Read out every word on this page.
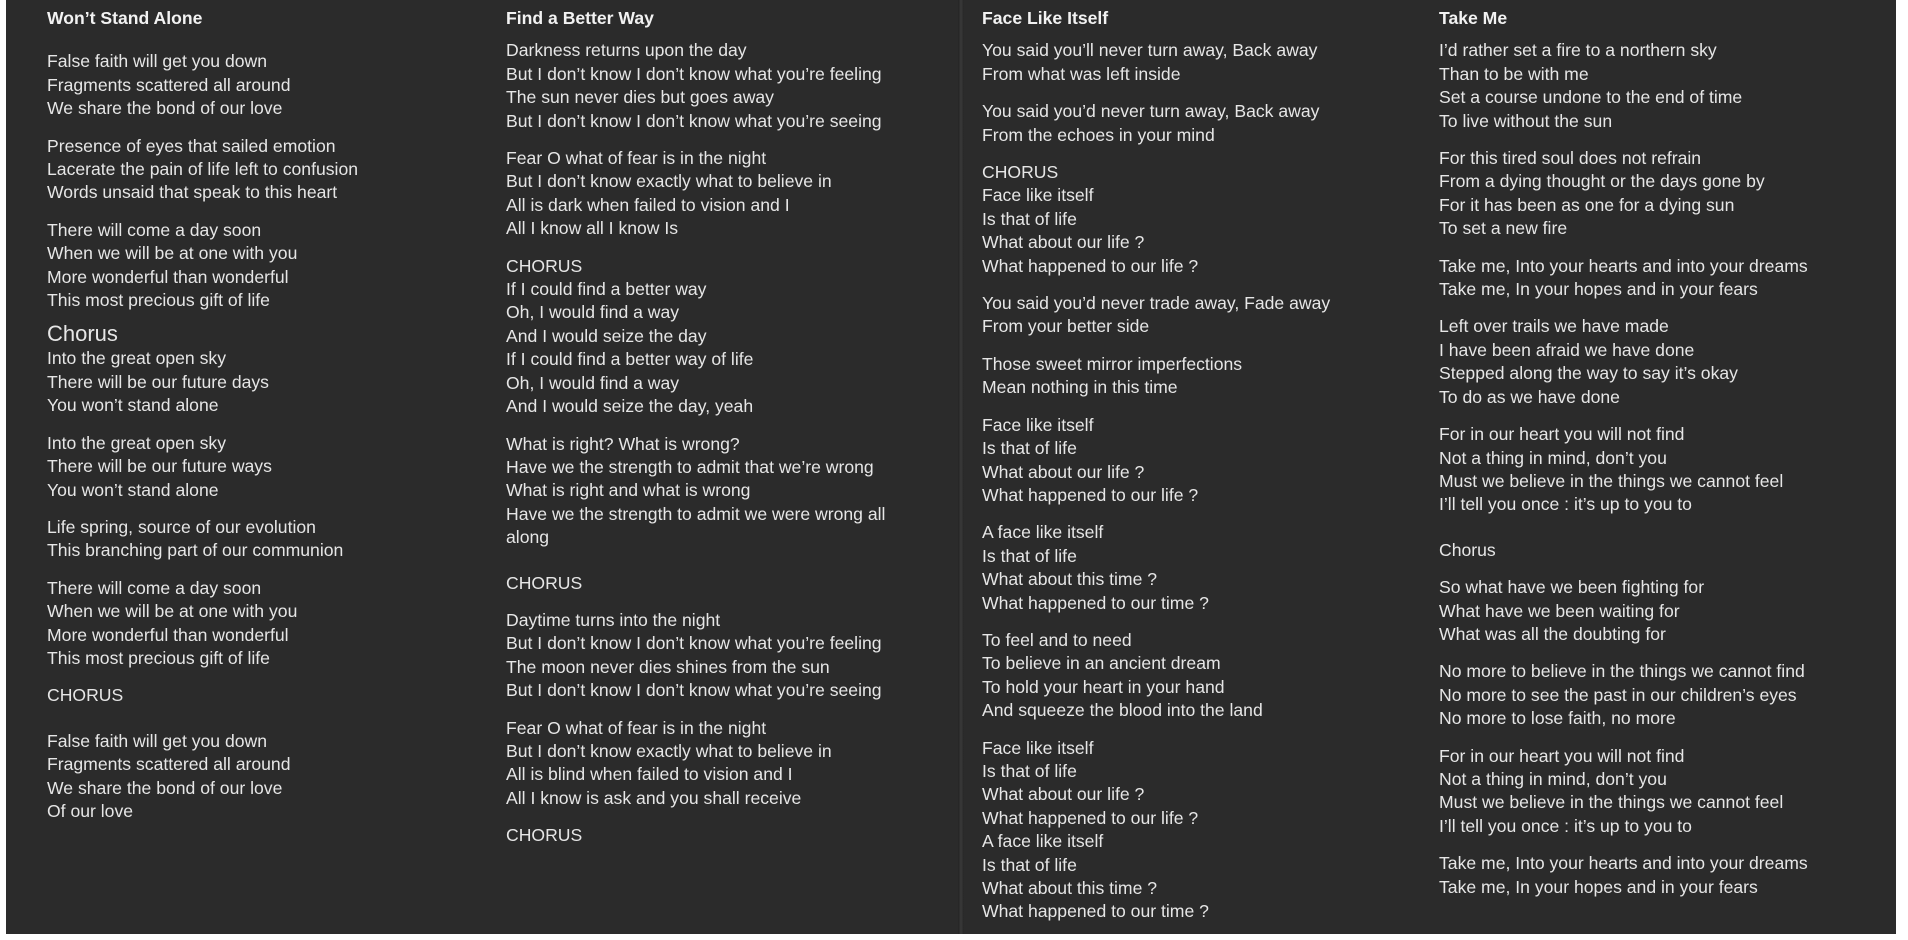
Won’t Stand Alone
False faith will get you down
Fragments scattered all around
We share the bond of our love
Presence of eyes that sailed emotion
Lacerate the pain of life left to confusion
Words unsaid that speak to this heart
There will come a day soon
When we will be at one with you
More wonderful than wonderful
This most precious gift of life
Chorus
Into the great open sky
There will be our future days
You won’t stand alone
Into the great open sky
There will be our future ways
You won’t stand alone
Life spring, source of our evolution
This branching part of our communion
There will come a day soon
When we will be at one with you
More wonderful than wonderful
This most precious gift of life
CHORUS
False faith will get you down
Fragments scattered all around
We share the bond of our love
Of our love
Find a Better Way
Darkness returns upon the day
But I don’t know I don’t know what you’re feeling
The sun never dies but goes away
But I don’t know I don’t know what you’re seeing
Fear O what of fear is in the night
But I don’t know exactly what to believe in
All is dark when failed to vision and I
All I know all I know Is
CHORUS
If I could find a better way
Oh, I would find a way
And I would seize the day
If I could find a better way of life
Oh, I would find a way
And I would seize the day, yeah
What is right? What is wrong?
Have we the strength to admit that we’re wrong
What is right and what is wrong
Have we the strength to admit we were wrong all
along
CHORUS
Daytime turns into the night
But I don’t know I don’t know what you’re feeling
The moon never dies shines from the sun
But I don’t know I don’t know what you’re seeing
Fear O what of fear is in the night
But I don’t know exactly what to believe in
All is blind when failed to vision and I
All I know is ask and you shall receive
CHORUS
Face Like Itself
You said you’ll never turn away, Back away
From what was left inside
You said you’d never turn away, Back away
From the echoes in your mind
CHORUS
Face like itself
Is that of life
What about our life ?
What happened to our life ?
You said you’d never trade away, Fade away
From your better side
Those sweet mirror imperfections
Mean nothing in this time
Face like itself
Is that of life
What about our life ?
What happened to our life ?
A face like itself
Is that of life
What about this time ?
What happened to our time ?
To feel and to need
To believe in an ancient dream
To hold your heart in your hand
And squeeze the blood into the land
Face like itself
Is that of life
What about our life ?
What happened to our life ?
A face like itself
Is that of life
What about this time ?
What happened to our time ?
Take Me
I’d rather set a fire to a northern sky
Than to be with me
Set a course undone to the end of time
To live without the sun
For this tired soul does not refrain
From a dying thought or the days gone by
For it has been as one for a dying sun
To set a new fire
Take me, Into your hearts and into your dreams
Take me, In your hopes and in your fears
Left over trails we have made
I have been afraid we have done
Stepped along the way to say it’s okay
To do as we have done
For in our heart you will not find
Not a thing in mind, don’t you
Must we believe in the things we cannot feel
I’ll tell you once : it’s up to you to
Chorus
So what have we been fighting for
What have we been waiting for
What was all the doubting for
No more to believe in the things we cannot find
No more to see the past in our children’s eyes
No more to lose faith, no more
For in our heart you will not find
Not a thing in mind, don’t you
Must we believe in the things we cannot feel
I’ll tell you once : it’s up to you to
Take me, Into your hearts and into your dreams
Take me, In your hopes and in your fears
